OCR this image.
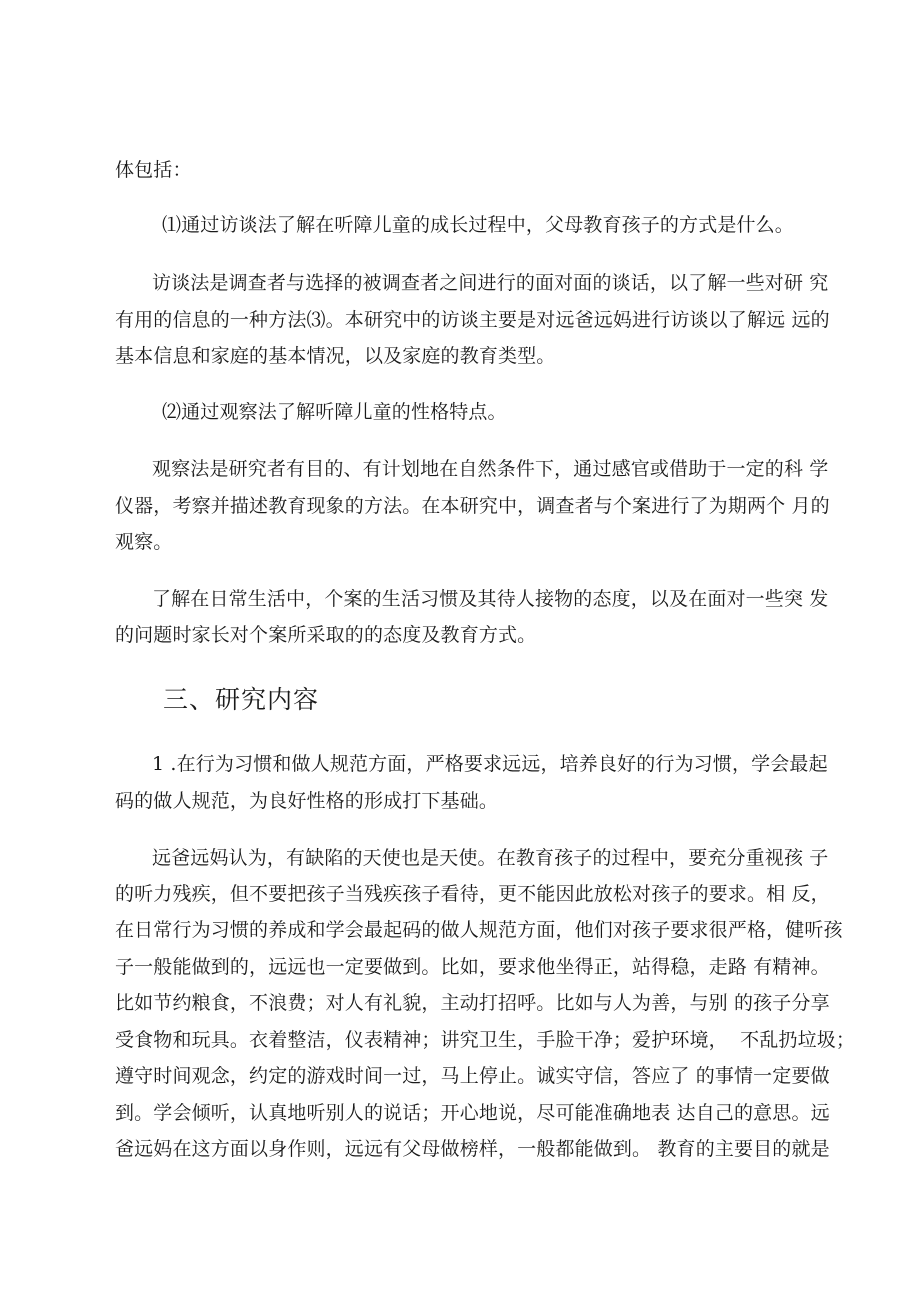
体包括：
⑴通过访谈法了解在听障儿童的成长过程中，父母教育孩子的方式是什么。
访谈法是调查者与选择的被调查者之间进行的面对面的谈话，以了解一些对研 究
有用的信息的一种方法⑶。本研究中的访谈主要是对远爸远妈进行访谈以了解远 远的
基本信息和家庭的基本情况，以及家庭的教育类型。
⑵通过观察法了解听障儿童的性格特点。
观察法是研究者有目的、有计划地在自然条件下，通过感官或借助于一定的科 学
仪器，考察并描述教育现象的方法。在本研究中，调查者与个案进行了为期两个 月的
观察。
了解在日常生活中，个案的生活习惯及其待人接物的态度，以及在面对一些突 发
的问题时家长对个案所采取的的态度及教育方式。
三、研究内容
1 .在行为习惯和做人规范方面，严格要求远远，培养良好的行为习惯，学会最起
码的做人规范，为良好性格的形成打下基础。
远爸远妈认为，有缺陷的天使也是天使。在教育孩子的过程中，要充分重视孩 子
的听力残疾，但不要把孩子当残疾孩子看待，更不能因此放松对孩子的要求。相 反，
在日常行为习惯的养成和学会最起码的做人规范方面，他们对孩子要求很严格，健听孩
子一般能做到的，远远也一定要做到。比如，要求他坐得正，站得稳，走路 有精神。
比如节约粮食，不浪费；对人有礼貌，主动打招呼。比如与人为善，与别 的孩子分享
受食物和玩具。衣着整洁，仪表精神；讲究卫生，手脸干净；爱护环境，  不乱扔垃圾；
遵守时间观念，约定的游戏时间一过，马上停止。诚实守信，答应了 的事情一定要做
到。学会倾听，认真地听别人的说话；开心地说，尽可能准确地表 达自己的意思。远
爸远妈在这方面以身作则，远远有父母做榜样，一般都能做到。 教育的主要目的就是
